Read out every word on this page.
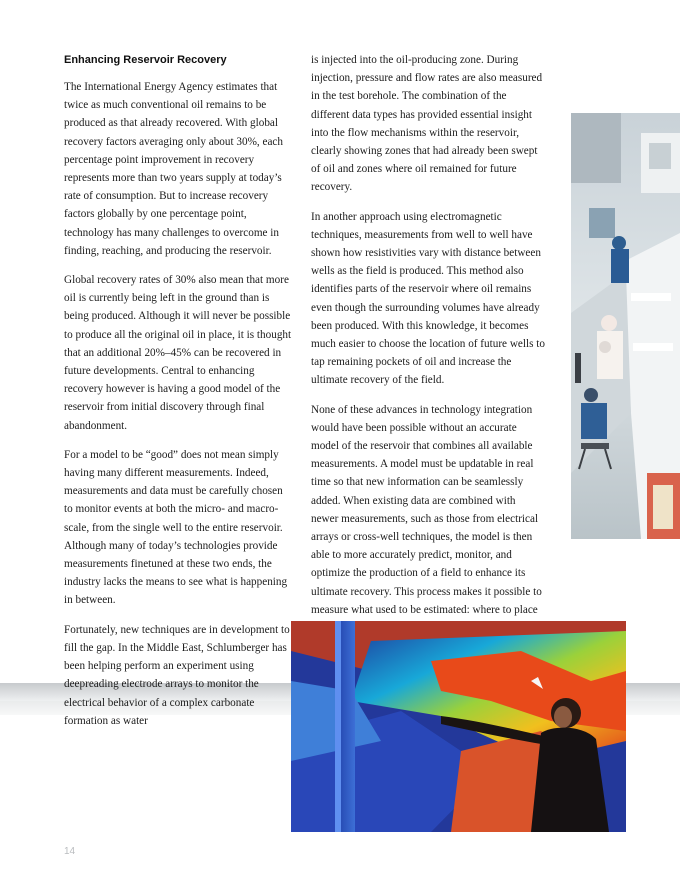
Enhancing Reservoir Recovery

The International Energy Agency estimates that twice as much conventional oil remains to be produced as that already recovered. With global recovery factors averaging only about 30%, each percentage point improvement in recovery represents more than two years supply at today’s rate of consumption. But to increase recovery factors globally by one percentage point, technology has many challenges to overcome in finding, reaching, and producing the reservoir.

Global recovery rates of 30% also mean that more oil is currently being left in the ground than is being produced. Although it will never be possible to produce all the original oil in place, it is thought that an additional 20%–45% can be recovered in future developments. Central to enhancing recovery however is having a good model of the reservoir from initial discovery through final abandonment.

For a model to be “good” does not mean simply having many different measurements. Indeed, measurements and data must be carefully chosen to monitor events at both the micro- and macro-scale, from the single well to the entire reservoir. Although many of today’s technologies provide measurements finetuned at these two ends, the industry lacks the means to see what is happening in between.

Fortunately, new techniques are in development to fill the gap. In the Middle East, Schlumberger has been helping perform an experiment using deepreading electrode arrays to monitor the electrical behavior of a complex carbonate formation as water

is injected into the oil-producing zone. During injection, pressure and flow rates are also measured in the test borehole. The combination of the different data types has provided essential insight into the flow mechanisms within the reservoir, clearly showing zones that had already been swept of oil and zones where oil remained for future recovery.

In another approach using electromagnetic techniques, measurements from well to well have shown how resistivities vary with distance between wells as the field is produced. This method also identifies parts of the reservoir where oil remains even though the surrounding volumes have already been produced. With this knowledge, it becomes much easier to choose the location of future wells to tap remaining pockets of oil and increase the ultimate recovery of the field.

None of these advances in technology integration would have been possible without an accurate model of the reservoir that combines all available measurements. A model must be updatable in real time so that new information can be seamlessly added. When existing data are combined with newer measurements, such as those from electrical arrays or cross-well techniques, the model is then able to more accurately predict, monitor, and optimize the production of a field to enhance its ultimate recovery. This process makes it possible to measure what used to be estimated: where to place

14
